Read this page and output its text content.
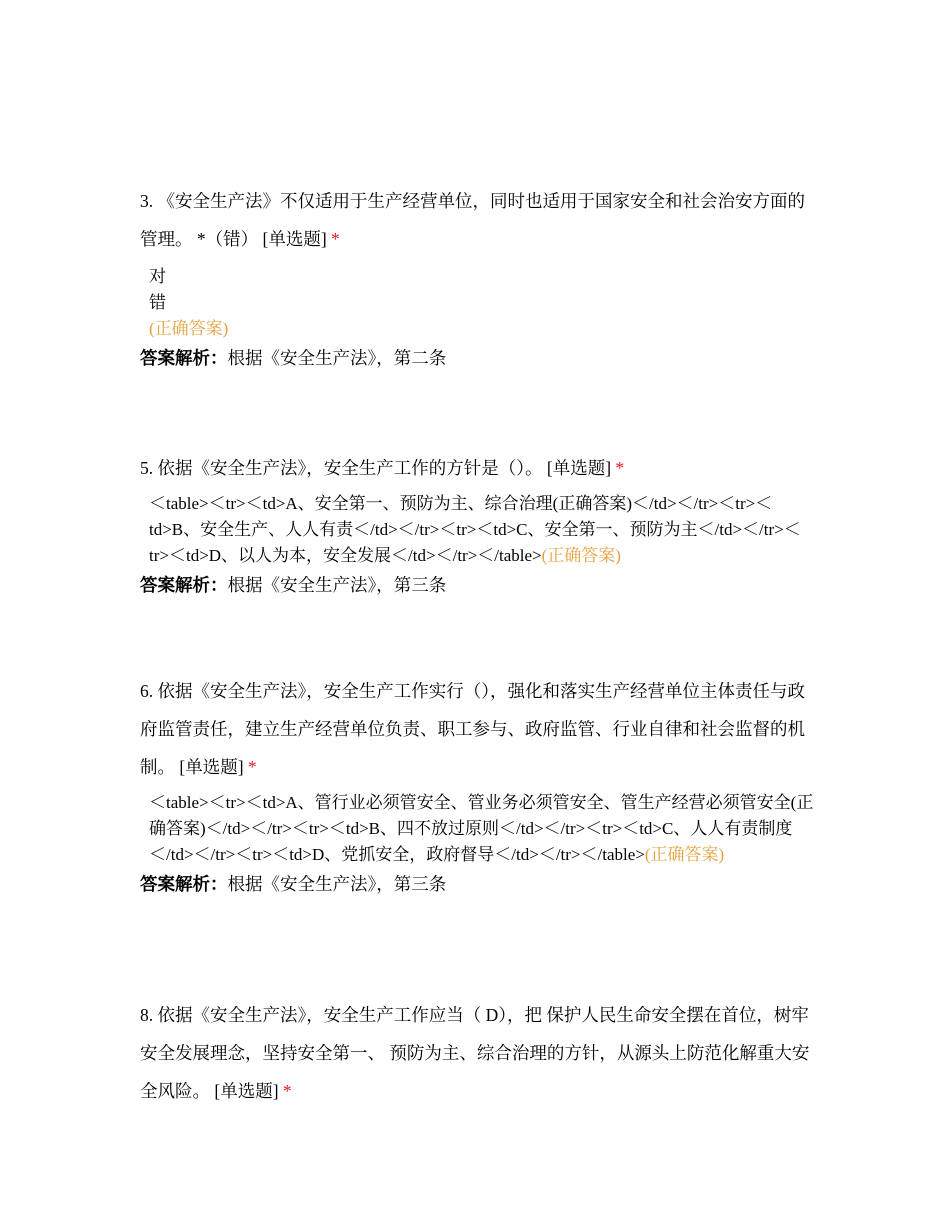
3. 《安全生产法》不仅适用于生产经营单位，同时也适用于国家安全和社会治安方面的管理。 *（错） [单选题] *

对
错
(正确答案)
答案解析：根据《安全生产法》，第二条

5. 依据《安全生产法》，安全生产工作的方针是（）。 [单选题] *

＜table>＜tr>＜td>A、安全第一、预防为主、综合治理(正确答案)＜/td>＜/tr>＜tr>＜td>B、安全生产、人人有责＜/td>＜/tr>＜tr>＜td>C、安全第一、预防为主＜/td>＜/tr>＜tr>＜td>D、以人为本，安全发展＜/td>＜/tr>＜/table>(正确答案)
答案解析：根据《安全生产法》，第三条

6. 依据《安全生产法》，安全生产工作实行（），强化和落实生产经营单位主体责任与政府监管责任，建立生产经营单位负责、职工参与、政府监管、行业自律和社会监督的机制。 [单选题] *

＜table>＜tr>＜td>A、管行业必须管安全、管业务必须管安全、管生产经营必须管安全(正确答案)＜/td>＜/tr>＜tr>＜td>B、四不放过原则＜/td>＜/tr>＜tr>＜td>C、人人有责制度＜/td>＜/tr>＜tr>＜td>D、党抓安全，政府督导＜/td>＜/tr>＜/table>(正确答案)
答案解析：根据《安全生产法》，第三条

8. 依据《安全生产法》，安全生产工作应当（ D），把 保护人民生命安全摆在首位，树牢安全发展理念，坚持安全第一、 预防为主、综合治理的方针，从源头上防范化解重大安全风险。 [单选题] *
